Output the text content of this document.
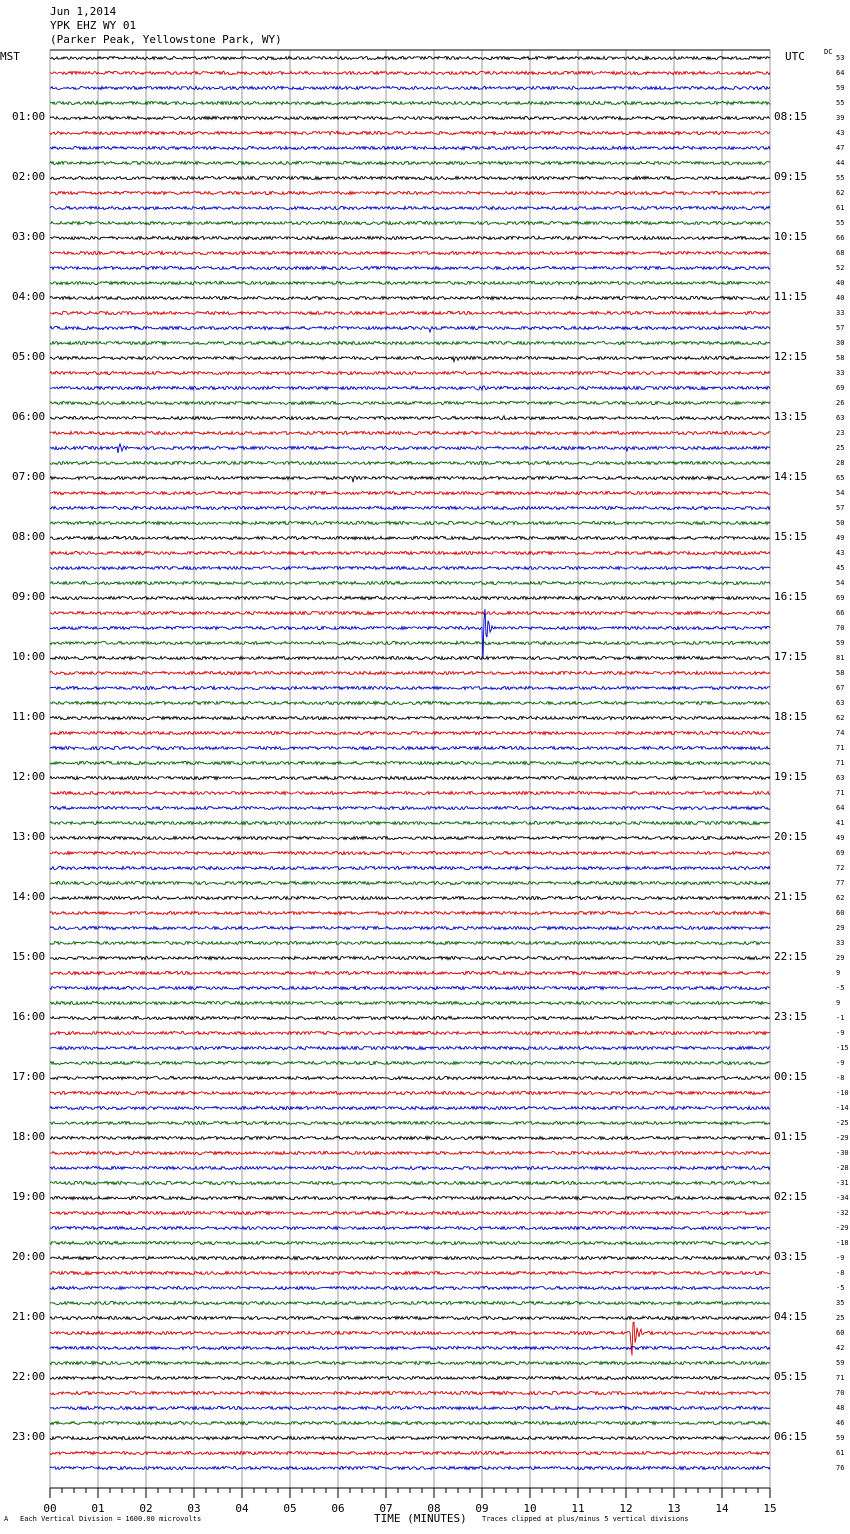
Jun 1,2014
YPK EHZ WY 01
(Parker Peak, Yellowstone Park, WY)
MST	UTC	DC
01:00
02:00
03:00
04:00
05:00
06:00
07:00
08:00
09:00
10:00
11:00
12:00
13:00
14:00
15:00
16:00
17:00
18:00
19:00
20:00
21:00
22:00
23:00
08:15
09:15
10:15
11:15
12:15
13:15
14:15
15:15
16:15
17:15
18:15
19:15
20:15
21:15
22:15
23:15
00:15
01:15
02:15
03:15
04:15
05:15
06:15
53
64
59
55
39
43
47
44
55
62
61
55
66
68
52
40
40
33
57
30
58
33
69
26
63
23
25
28
65
54
57
50
49
43
45
54
69
66
70
59
81
58
67
63
62
74
71
71
63
71
64
41
49
69
72
77
62
60
29
33
29
9
-5
9
-1
-9
-15
-9
-8
-10
-14
-25
-29
-30
-28
-31
-34
-32
-29
-18
-9
-8
-5
35
25
60
42
59
71
70
48
46
59
61
76
00	01	02	03	04	05	06	07	08	09	10	11	12	13	14	15
TIME (MINUTES)
A Each Vertical Division = 1600.00 microvolts	Traces clipped at plus/minus 5 vertical divisions
